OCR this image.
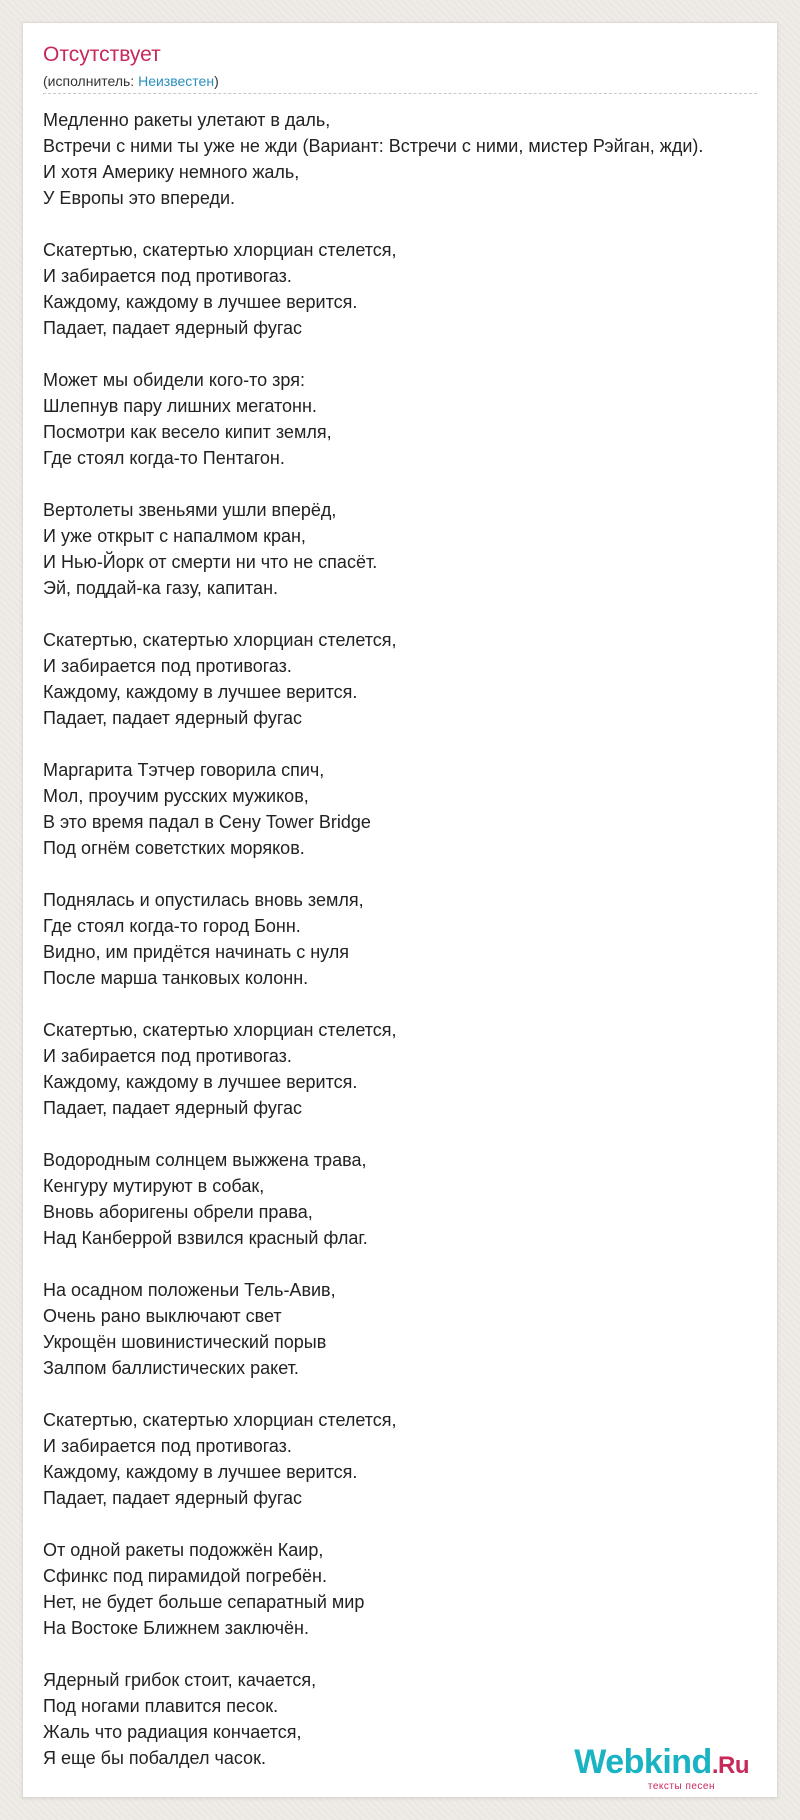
Отсутствует
(исполнитель: Неизвестен)
Медленно ракеты улетают в даль,
Встречи с ними ты уже не жди (Вариант: Встречи с ними, мистер Рэйган, жди).
И хотя Америку немного жаль,
У Европы это впереди.
Скатертью, скатертью хлорциан стелется,
И забирается под противогаз.
Каждому, каждому в лучшее верится.
Падает, падает ядерный фугас
Может мы обидели кого-то зря:
Шлепнув пару лишних мегатонн.
Посмотри как весело кипит земля,
Где стоял когда-то Пентагон.
Вертолеты звеньями ушли вперёд,
И уже открыт с напалмом кран,
И Нью-Йорк от смерти ни что не спасёт.
Эй, поддай-ка газу, капитан.
Скатертью, скатертью хлорциан стелется,
И забирается под противогаз.
Каждому, каждому в лучшее верится.
Падает, падает ядерный фугас
Маргарита Тэтчер говорила спич,
Мол, проучим русских мужиков,
В это время падал в Сену Tower Bridge
Под огнём советстких моряков.
Поднялась и опустилась вновь земля,
Где стоял когда-то город Бонн.
Видно, им придётся начинать с нуля
После марша танковых колонн.
Скатертью, скатертью хлорциан стелется,
И забирается под противогаз.
Каждому, каждому в лучшее верится.
Падает, падает ядерный фугас
Водородным солнцем выжжена трава,
Кенгуру мутируют в собак,
Вновь аборигены обрели права,
Над Канберрой взвился красный флаг.
На осадном положеньи Тель-Авив,
Очень рано выключают свет
Укрощён шовинистический порыв
Залпом баллистических ракет.
Скатертью, скатертью хлорциан стелется,
И забирается под противогаз.
Каждому, каждому в лучшее верится.
Падает, падает ядерный фугас
От одной ракеты подожжён Каир,
Сфинкс под пирамидой погребён.
Нет, не будет больше сепаратный мир
На Востоке Ближнем заключён.
Ядерный грибок стоит, качается,
Под ногами плавится песок.
Жаль что радиация кончается,
Я еще бы побалдел часок.	Webkind.Ru
тексты песен
